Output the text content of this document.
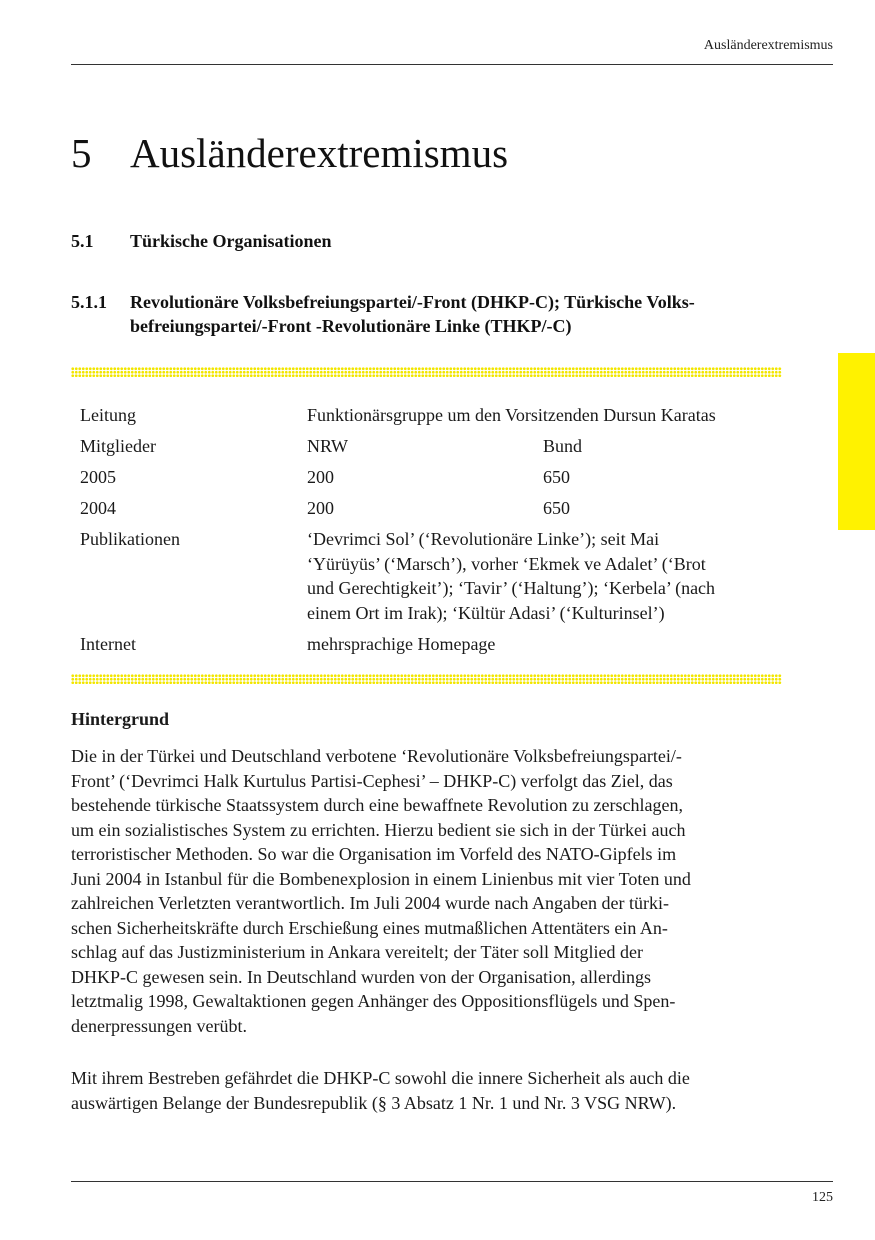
Ausländerextremismus
5 Ausländerextremismus
5.1	Türkische Organisationen
5.1.1	Revolutionäre Volksbefreiungspartei/-Front (DHKP-C); Türkische Volks-
befreiungspartei/-Front -Revolutionäre Linke (THKP/-C)
Leitung	Funktionärsgruppe um den Vorsitzenden Dursun Karatas
Mitglieder	NRW	Bund
2005	200	650
2004	200	650
Publikationen	‘Devrimci Sol’ (‘Revolutionäre Linke’); seit Mai
‘Yürüyüs’ (‘Marsch’), vorher ‘Ekmek ve Adalet’ (‘Brot
und Gerechtigkeit’); ‘Tavir’ (‘Haltung’); ‘Kerbela’ (nach
einem Ort im Irak); ‘Kültür Adasi’ (‘Kulturinsel’)
Internet	mehrsprachige Homepage
Hintergrund
Die in der Türkei und Deutschland verbotene ‘Revolutionäre Volksbefreiungspartei/-
Front’ (‘Devrimci Halk Kurtulus Partisi-Cephesi’ – DHKP-C) verfolgt das Ziel, das
bestehende türkische Staatssystem durch eine bewaffnete Revolution zu zerschlagen,
um ein sozialistisches System zu errichten. Hierzu bedient sie sich in der Türkei auch
terroristischer Methoden. So war die Organisation im Vorfeld des NATO-Gipfels im
Juni 2004 in Istanbul für die Bombenexplosion in einem Linienbus mit vier Toten und
zahlreichen Verletzten verantwortlich. Im Juli 2004 wurde nach Angaben der türki-
schen Sicherheitskräfte durch Erschießung eines mutmaßlichen Attentäters ein An-
schlag auf das Justizministerium in Ankara vereitelt; der Täter soll Mitglied der
DHKP-C gewesen sein. In Deutschland wurden von der Organisation, allerdings
letztmalig 1998, Gewaltaktionen gegen Anhänger des Oppositionsflügels und Spen-
denerpressungen verübt.
Mit ihrem Bestreben gefährdet die DHKP-C sowohl die innere Sicherheit als auch die
auswärtigen Belange der Bundesrepublik (§ 3 Absatz 1 Nr. 1 und Nr. 3 VSG NRW).
125
